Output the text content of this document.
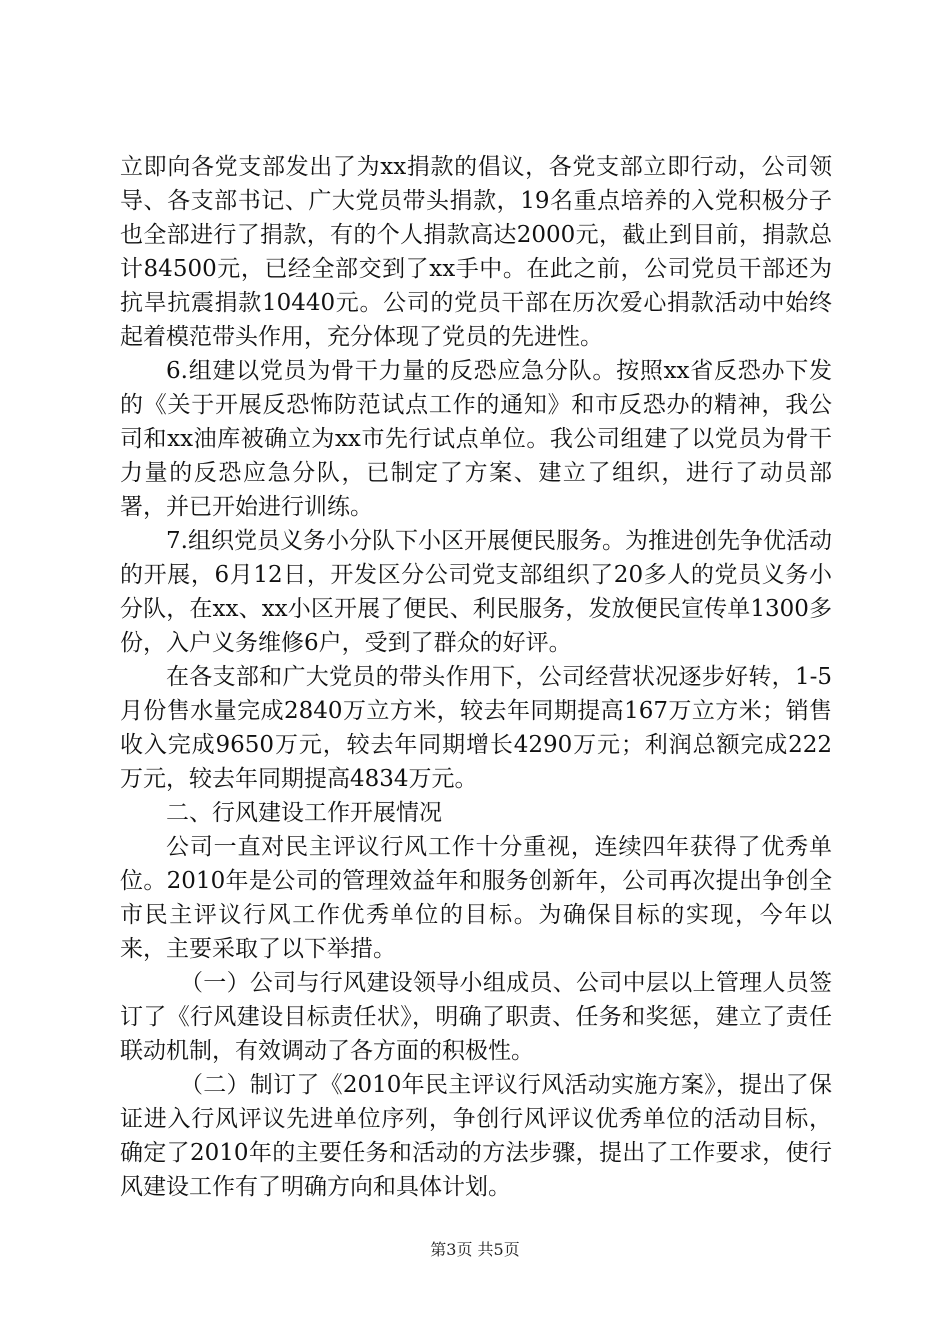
立即向各党支部发出了为xx捐款的倡议，各党支部立即行动，公司领导、各支部书记、广大党员带头捐款，19名重点培养的入党积极分子也全部进行了捐款，有的个人捐款高达2000元，截止到目前，捐款总计84500元，已经全部交到了xx手中。在此之前，公司党员干部还为抗旱抗震捐款10440元。公司的党员干部在历次爱心捐款活动中始终起着模范带头作用，充分体现了党员的先进性。

6.组建以党员为骨干力量的反恐应急分队。按照xx省反恐办下发的《关于开展反恐怖防范试点工作的通知》和市反恐办的精神，我公司和xx油库被确立为xx市先行试点单位。我公司组建了以党员为骨干力量的反恐应急分队，已制定了方案、建立了组织，进行了动员部署，并已开始进行训练。

7.组织党员义务小分队下小区开展便民服务。为推进创先争优活动的开展，6月12日，开发区分公司党支部组织了20多人的党员义务小分队，在xx、xx小区开展了便民、利民服务，发放便民宣传单1300多份，入户义务维修6户，受到了群众的好评。

在各支部和广大党员的带头作用下，公司经营状况逐步好转，1-5月份售水量完成2840万立方米，较去年同期提高167万立方米；销售收入完成9650万元，较去年同期增长4290万元；利润总额完成222万元，较去年同期提高4834万元。

二、行风建设工作开展情况

公司一直对民主评议行风工作十分重视，连续四年获得了优秀单位。2010年是公司的管理效益年和服务创新年，公司再次提出争创全市民主评议行风工作优秀单位的目标。为确保目标的实现，今年以来，主要采取了以下举措。

（一）公司与行风建设领导小组成员、公司中层以上管理人员签订了《行风建设目标责任状》，明确了职责、任务和奖惩，建立了责任联动机制，有效调动了各方面的积极性。

（二）制订了《2010年民主评议行风活动实施方案》，提出了保证进入行风评议先进单位序列，争创行风评议优秀单位的活动目标，确定了2010年的主要任务和活动的方法步骤，提出了工作要求，使行风建设工作有了明确方向和具体计划。

第3页 共5页
